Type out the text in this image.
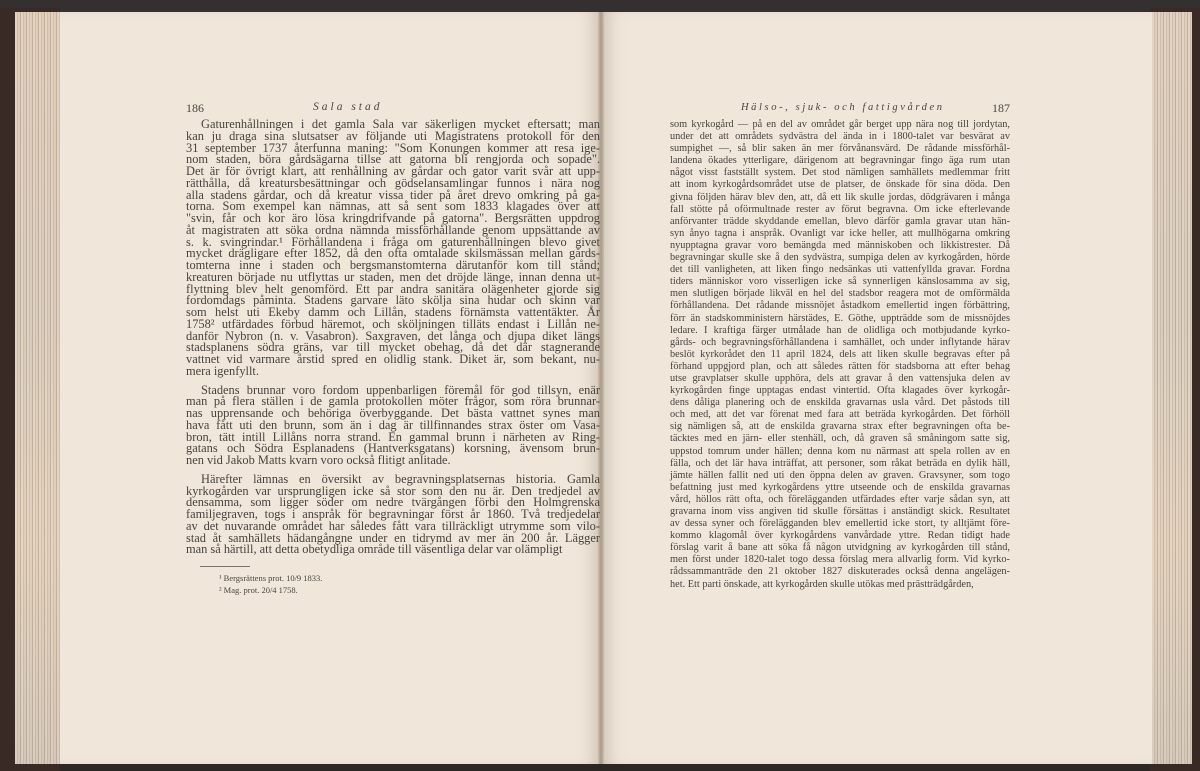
186	Sala stad
Gaturenhållningen i det gamla Sala var säkerligen mycket eftersatt; man
kan ju draga sina slutsatser av följande uti Magistratens protokoll för den
31 september 1737 återfunna maning: "Som Konungen kommer att resa ige-
nom staden, böra gårdsägarna tillse att gatorna bli rengjorda och sopade".
Det är för övrigt klart, att renhållning av gårdar och gator varit svår att upp-
rätthålla, då kreatursbesättningar och gödselansamlingar funnos i nära nog
alla stadens gårdar, och då kreatur vissa tider på året drevo omkring på ga-
torna. Som exempel kan nämnas, att så sent som 1833 klagades över att
"svin, får och kor äro lösa kringdrifvande på gatorna". Bergsrätten uppdrog
åt magistraten att söka ordna nämnda missförhållande genom uppsättande av
s. k. svingrindar.¹ Förhållandena i fråga om gaturenhållningen blevo givet
mycket drägligare efter 1852, då den ofta omtalade skilsmässan mellan gårds-
tomterna inne i staden och bergsmanstomterna därutanför kom till stånd;
kreaturen började nu utflyttas ur staden, men det dröjde länge, innan denna ut-
flyttning blev helt genomförd. Ett par andra sanitära olägenheter gjorde sig
fordomdags påminta. Stadens garvare läto skölja sina hudar och skinn var
som helst uti Ekeby damm och Lillån, stadens förnämsta vattentäkter. År
1758² utfärdades förbud häremot, och sköljningen tilläts endast i Lillån ne-
danför Nybron (n. v. Vasabron). Saxgraven, det långa och djupa diket längs
stadsplanens södra gräns, var till mycket obehag, då det där stagnerande
vattnet vid varmare årstid spred en olidlig stank. Diket är, som bekant, nu-
mera igenfyllt.
Stadens brunnar voro fordom uppenbarligen föremål för god tillsyn, enär
man på flera ställen i de gamla protokollen möter frågor, som röra brunnar-
nas upprensande och behöriga överbyggande. Det bästa vattnet synes man
hava fått uti den brunn, som än i dag är tillfinnandes strax öster om Vasa-
bron, tätt intill Lillåns norra strand. En gammal brunn i närheten av Ring-
gatans och Södra Esplanadens (Hantverksgatans) korsning, ävensom brun-
nen vid Jakob Matts kvarn voro också flitigt anlitade.
Härefter lämnas en översikt av begravningsplatsernas historia. Gamla
kyrkogården var ursprungligen icke så stor som den nu är. Den tredjedel av
densamma, som ligger söder om nedre tvärgången förbi den Holmgrenska
familjegraven, togs i anspråk för begravningar först år 1860. Två tredjedelar
av det nuvarande området har således fått vara tillräckligt utrymme som vilo-
stad åt samhällets hädangångne under en tidrymd av mer än 200 år. Lägger
man så härtill, att detta obetydliga område till väsentliga delar var olämpligt
¹ Bergsrättens prot. 10/9 1833.
² Mag. prot. 20/4 1758.
Hälso-, sjuk- och fattigvården	187
som kyrkogård — på en del av området går berget upp nära nog till jordytan,
under det att områdets sydvästra del ända in i 1800-talet var besvärat av
sumpighet —, så blir saken än mer förvånansvärd. De rådande missförhål-
landena ökades ytterligare, därigenom att begravningar fingo äga rum utan
något visst fastställt system. Det stod nämligen samhällets medlemmar fritt
att inom kyrkogårdsområdet utse de platser, de önskade för sina döda. Den
givna följden härav blev den, att, då ett lik skulle jordas, dödgrävaren i många
fall stötte på oförmultnade rester av förut begravna. Om icke efterlevande
anförvanter trädde skyddande emellan, blevo därför gamla gravar utan hän-
syn ånyo tagna i anspråk. Ovanligt var icke heller, att mullhögarna omkring
nyupptagna gravar voro bemängda med människoben och likkistrester. Då
begravningar skulle ske å den sydvästra, sumpiga delen av kyrkogården, hörde
det till vanligheten, att liken fingo nedsänkas uti vattenfyllda gravar. Fordna
tiders människor voro visserligen icke så synnerligen känslosamma av sig,
men slutligen började likväl en hel del stadsbor reagera mot de omförmälda
förhållandena. Det rådande missnöjet åstadkom emellertid ingen förbättring,
förr än stadskomministern härstädes, E. Göthe, uppträdde som de missnöjdes
ledare. I kraftiga färger utmålade han de olidliga och motbjudande kyrko-
gårds- och begravningsförhållandena i samhället, och under inflytande härav
beslöt kyrkorådet den 11 april 1824, dels att liken skulle begravas efter på
förhand uppgjord plan, och att således rätten för stadsborna att efter behag
utse gravplatser skulle upphöra, dels att gravar å den vattensjuka delen av
kyrkogården finge upptagas endast vintertid. Ofta klagades över kyrkogår-
dens dåliga planering och de enskilda gravarnas usla vård. Det påstods till
och med, att det var förenat med fara att beträda kyrkogården. Det förhöll
sig nämligen så, att de enskilda gravarna strax efter begravningen ofta be-
täcktes med en järn- eller stenhäll, och, då graven så småningom satte sig,
uppstod tomrum under hällen; denna kom nu närmast att spela rollen av en
fälla, och det lär hava inträffat, att personer, som råkat beträda en dylik häll,
jämte hällen fallit ned uti den öppna delen av graven. Gravsyner, som togo
befattning just med kyrkogårdens yttre utseende och de enskilda gravarnas
vård, höllos rätt ofta, och förelägganden utfärdades efter varje sådan syn, att
gravarna inom viss angiven tid skulle försättas i anständigt skick. Resultatet
av dessa syner och förelägganden blev emellertid icke stort, ty alltjämt före-
kommo klagomål över kyrkogårdens vanvårdade yttre. Redan tidigt hade
förslag varit å bane att söka få någon utvidgning av kyrkogården till stånd,
men först under 1820-talet togo dessa förslag mera allvarlig form. Vid kyrko-
rådssammanträde den 21 oktober 1827 diskuterades också denna angelägen-
het. Ett parti önskade, att kyrkogården skulle utökas med prästträdgården,
